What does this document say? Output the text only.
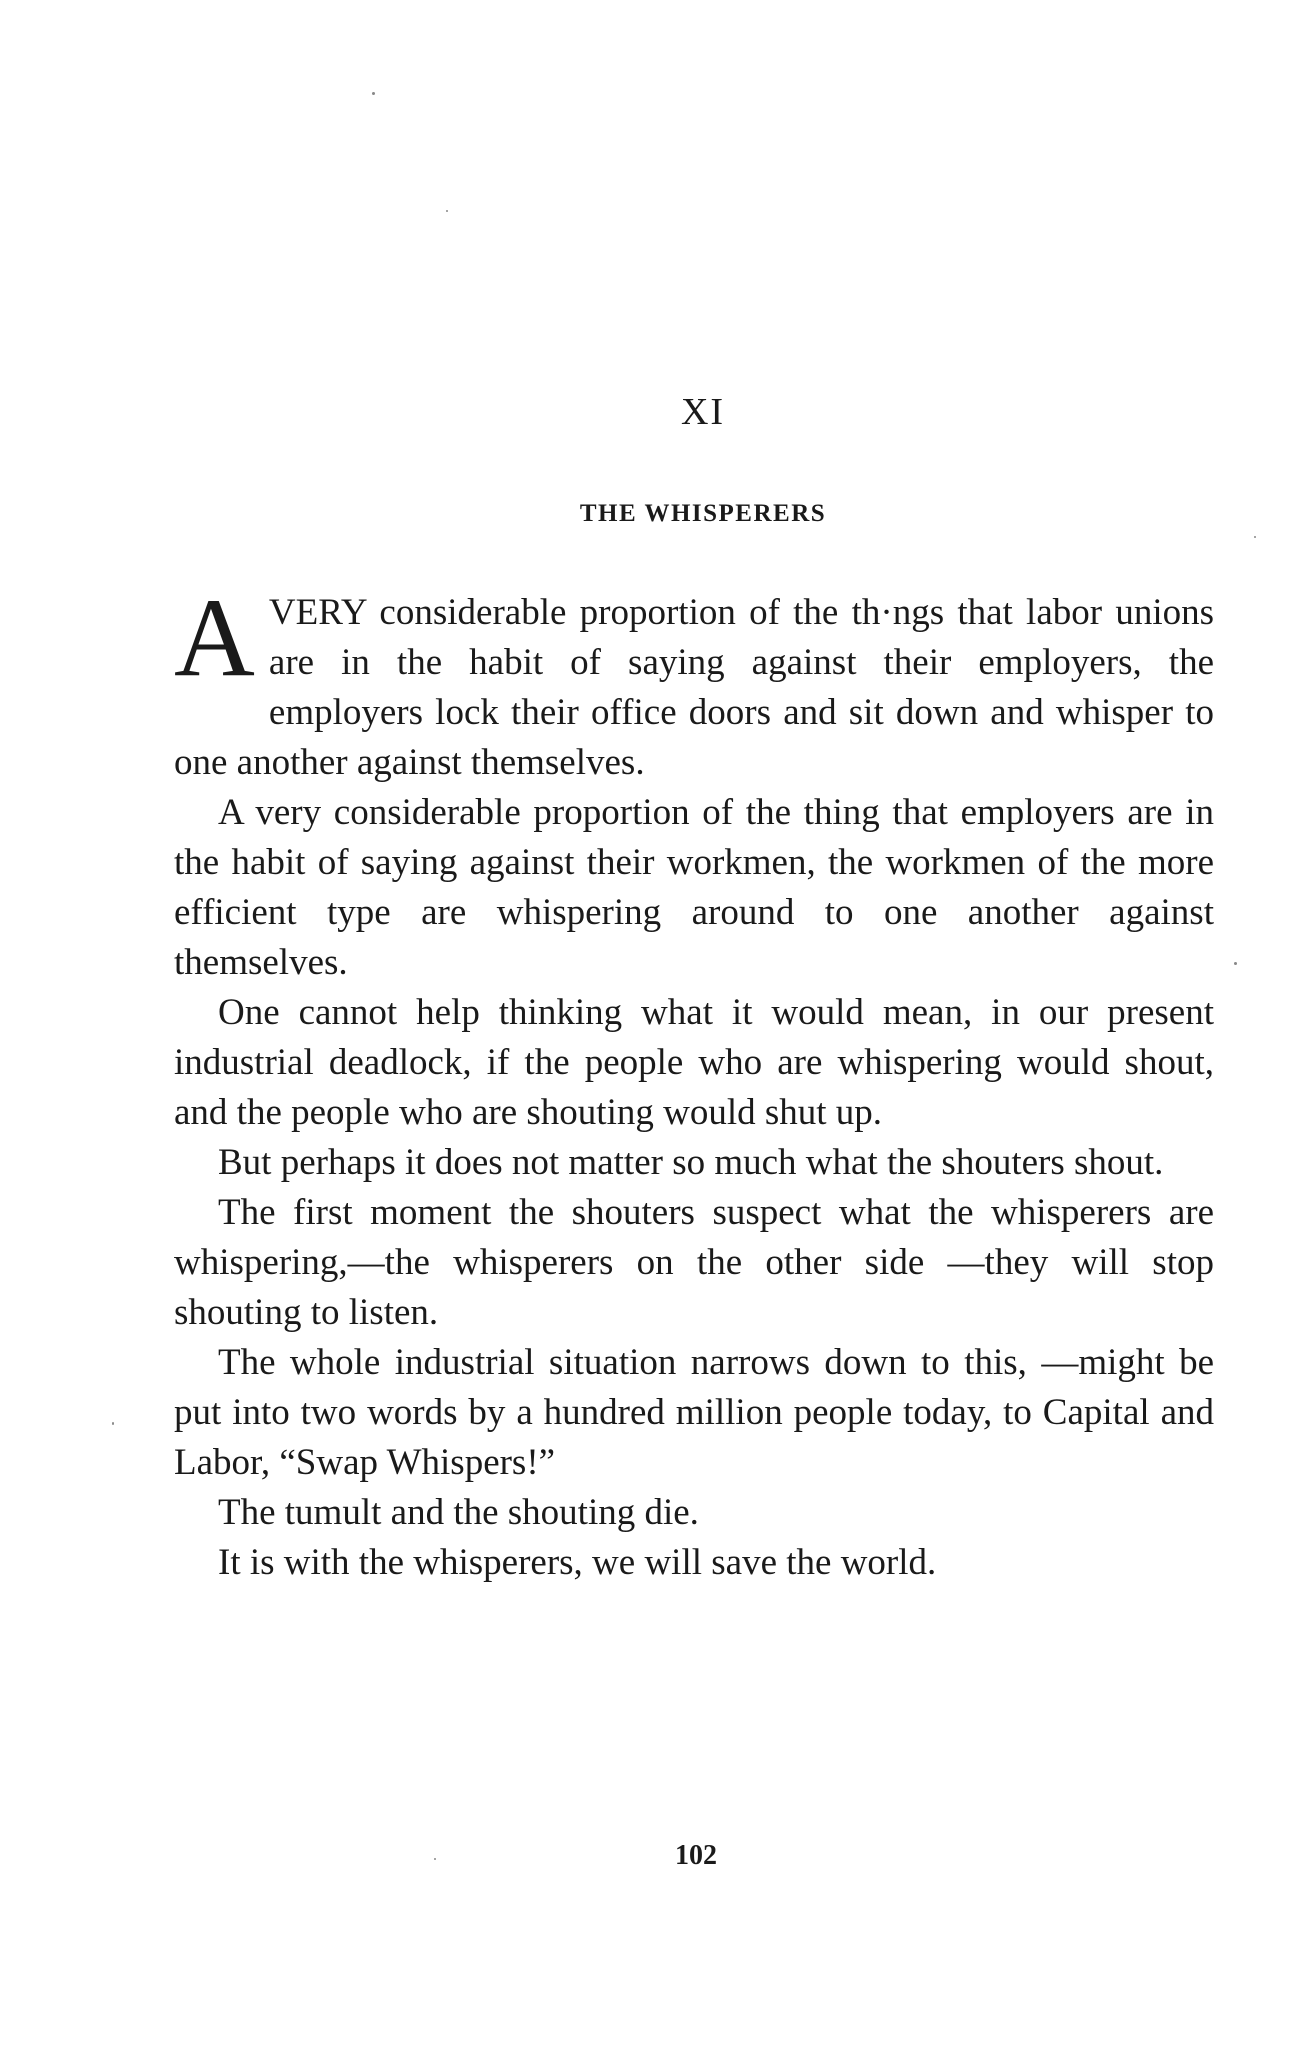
XI
THE WHISPERERS

AVERY considerable proportion of the th·ngs that labor unions are in the habit of saying against their employers, the employers lock their office doors and sit down and whisper to one another against themselves.

A very considerable proportion of the thing that employers are in the habit of saying against their workmen, the workmen of the more efficient type are whispering around to one another against themselves.

One cannot help thinking what it would mean, in our present industrial deadlock, if the people who are whispering would shout, and the people who are shouting would shut up.

But perhaps it does not matter so much what the shouters shout.

The first moment the shouters suspect what the whisperers are whispering,—the whisperers on the other side —they will stop shouting to listen.

The whole industrial situation narrows down to this, —might be put into two words by a hundred million people today, to Capital and Labor, “Swap Whispers!”

The tumult and the shouting die.

It is with the whisperers, we will save the world.

102
